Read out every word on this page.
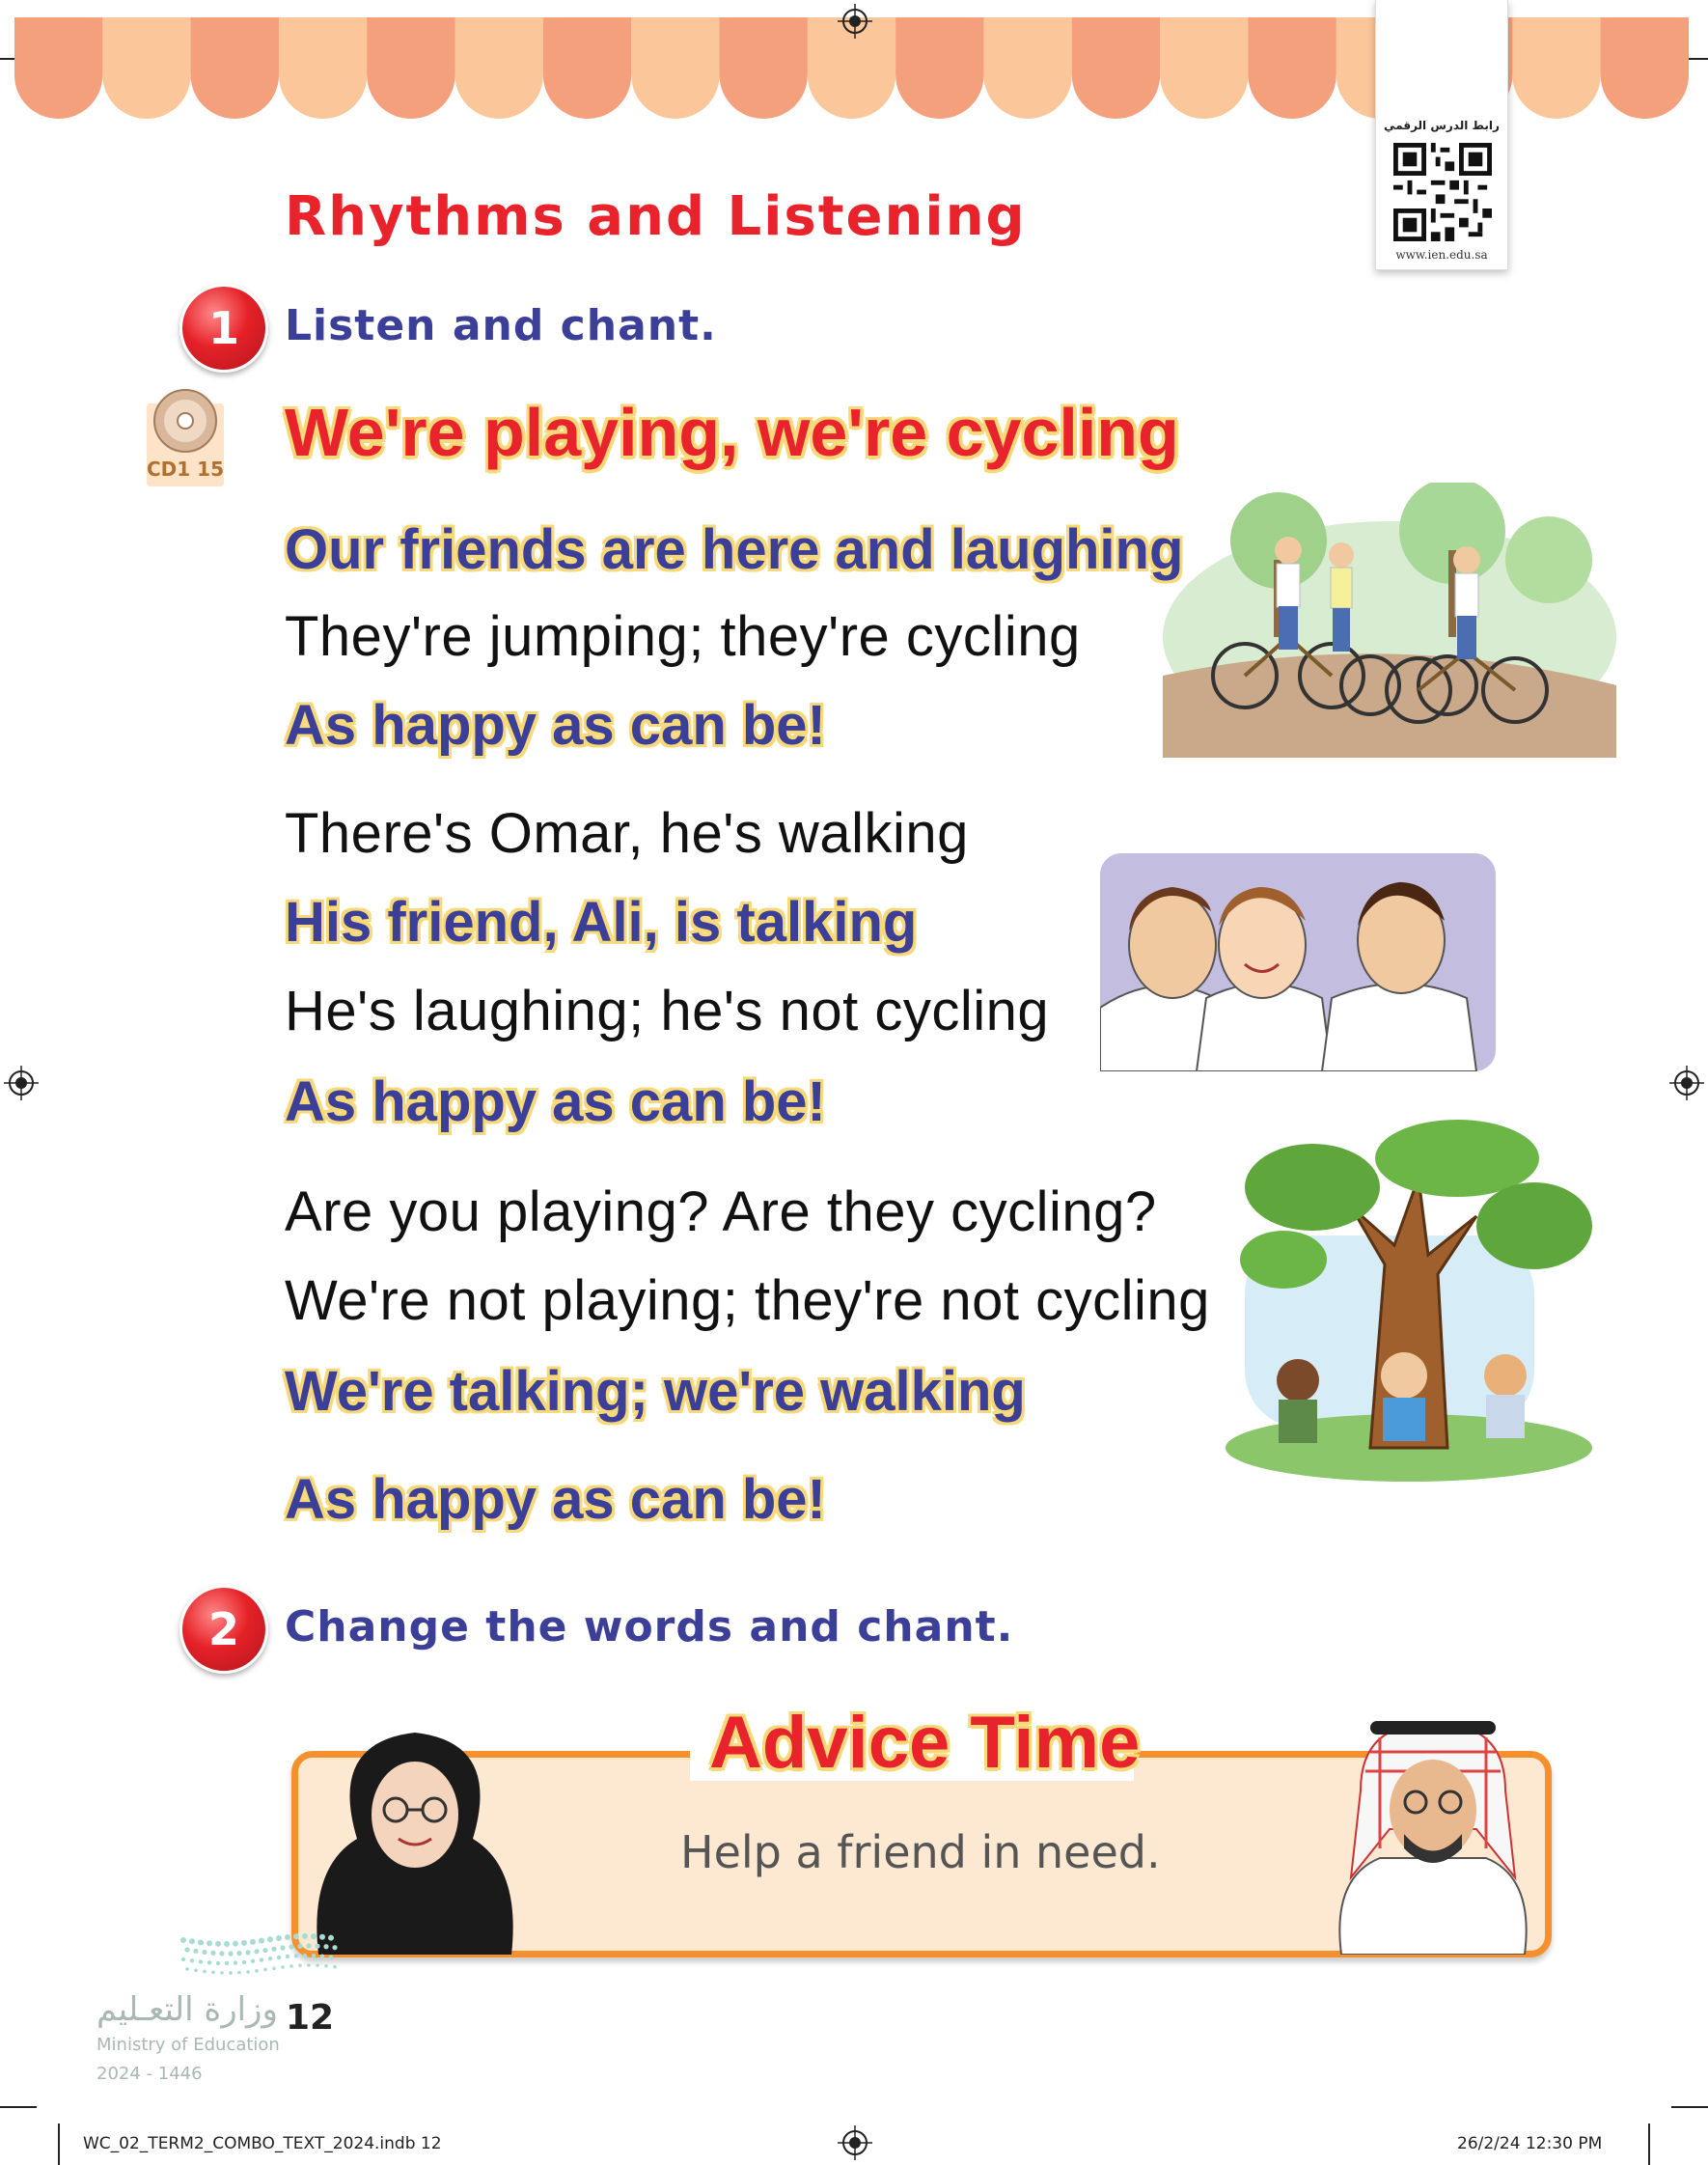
رابط الدرس الرقمي
www.ien.edu.sa
Rhythms and Listening
1	Listen and chant.
CD1 15 We're playing, we're cycling
Our friends are here and laughing
They're jumping; they're cycling
As happy as can be!
There's Omar, he's walking
His friend, Ali, is talking
He's laughing; he's not cycling
As happy as can be!
Are you playing? Are they cycling?
We're not playing; they're not cycling
We're talking; we're walking
As happy as can be!
2	Change the words and chant.
Advice Time
Help a friend in need.
وزارة التعـليم
Ministry of Education
2024 - 1446
12
WC_02_TERM2_COMBO_TEXT_2024.indb 12	26/2/24 12:30 PM
